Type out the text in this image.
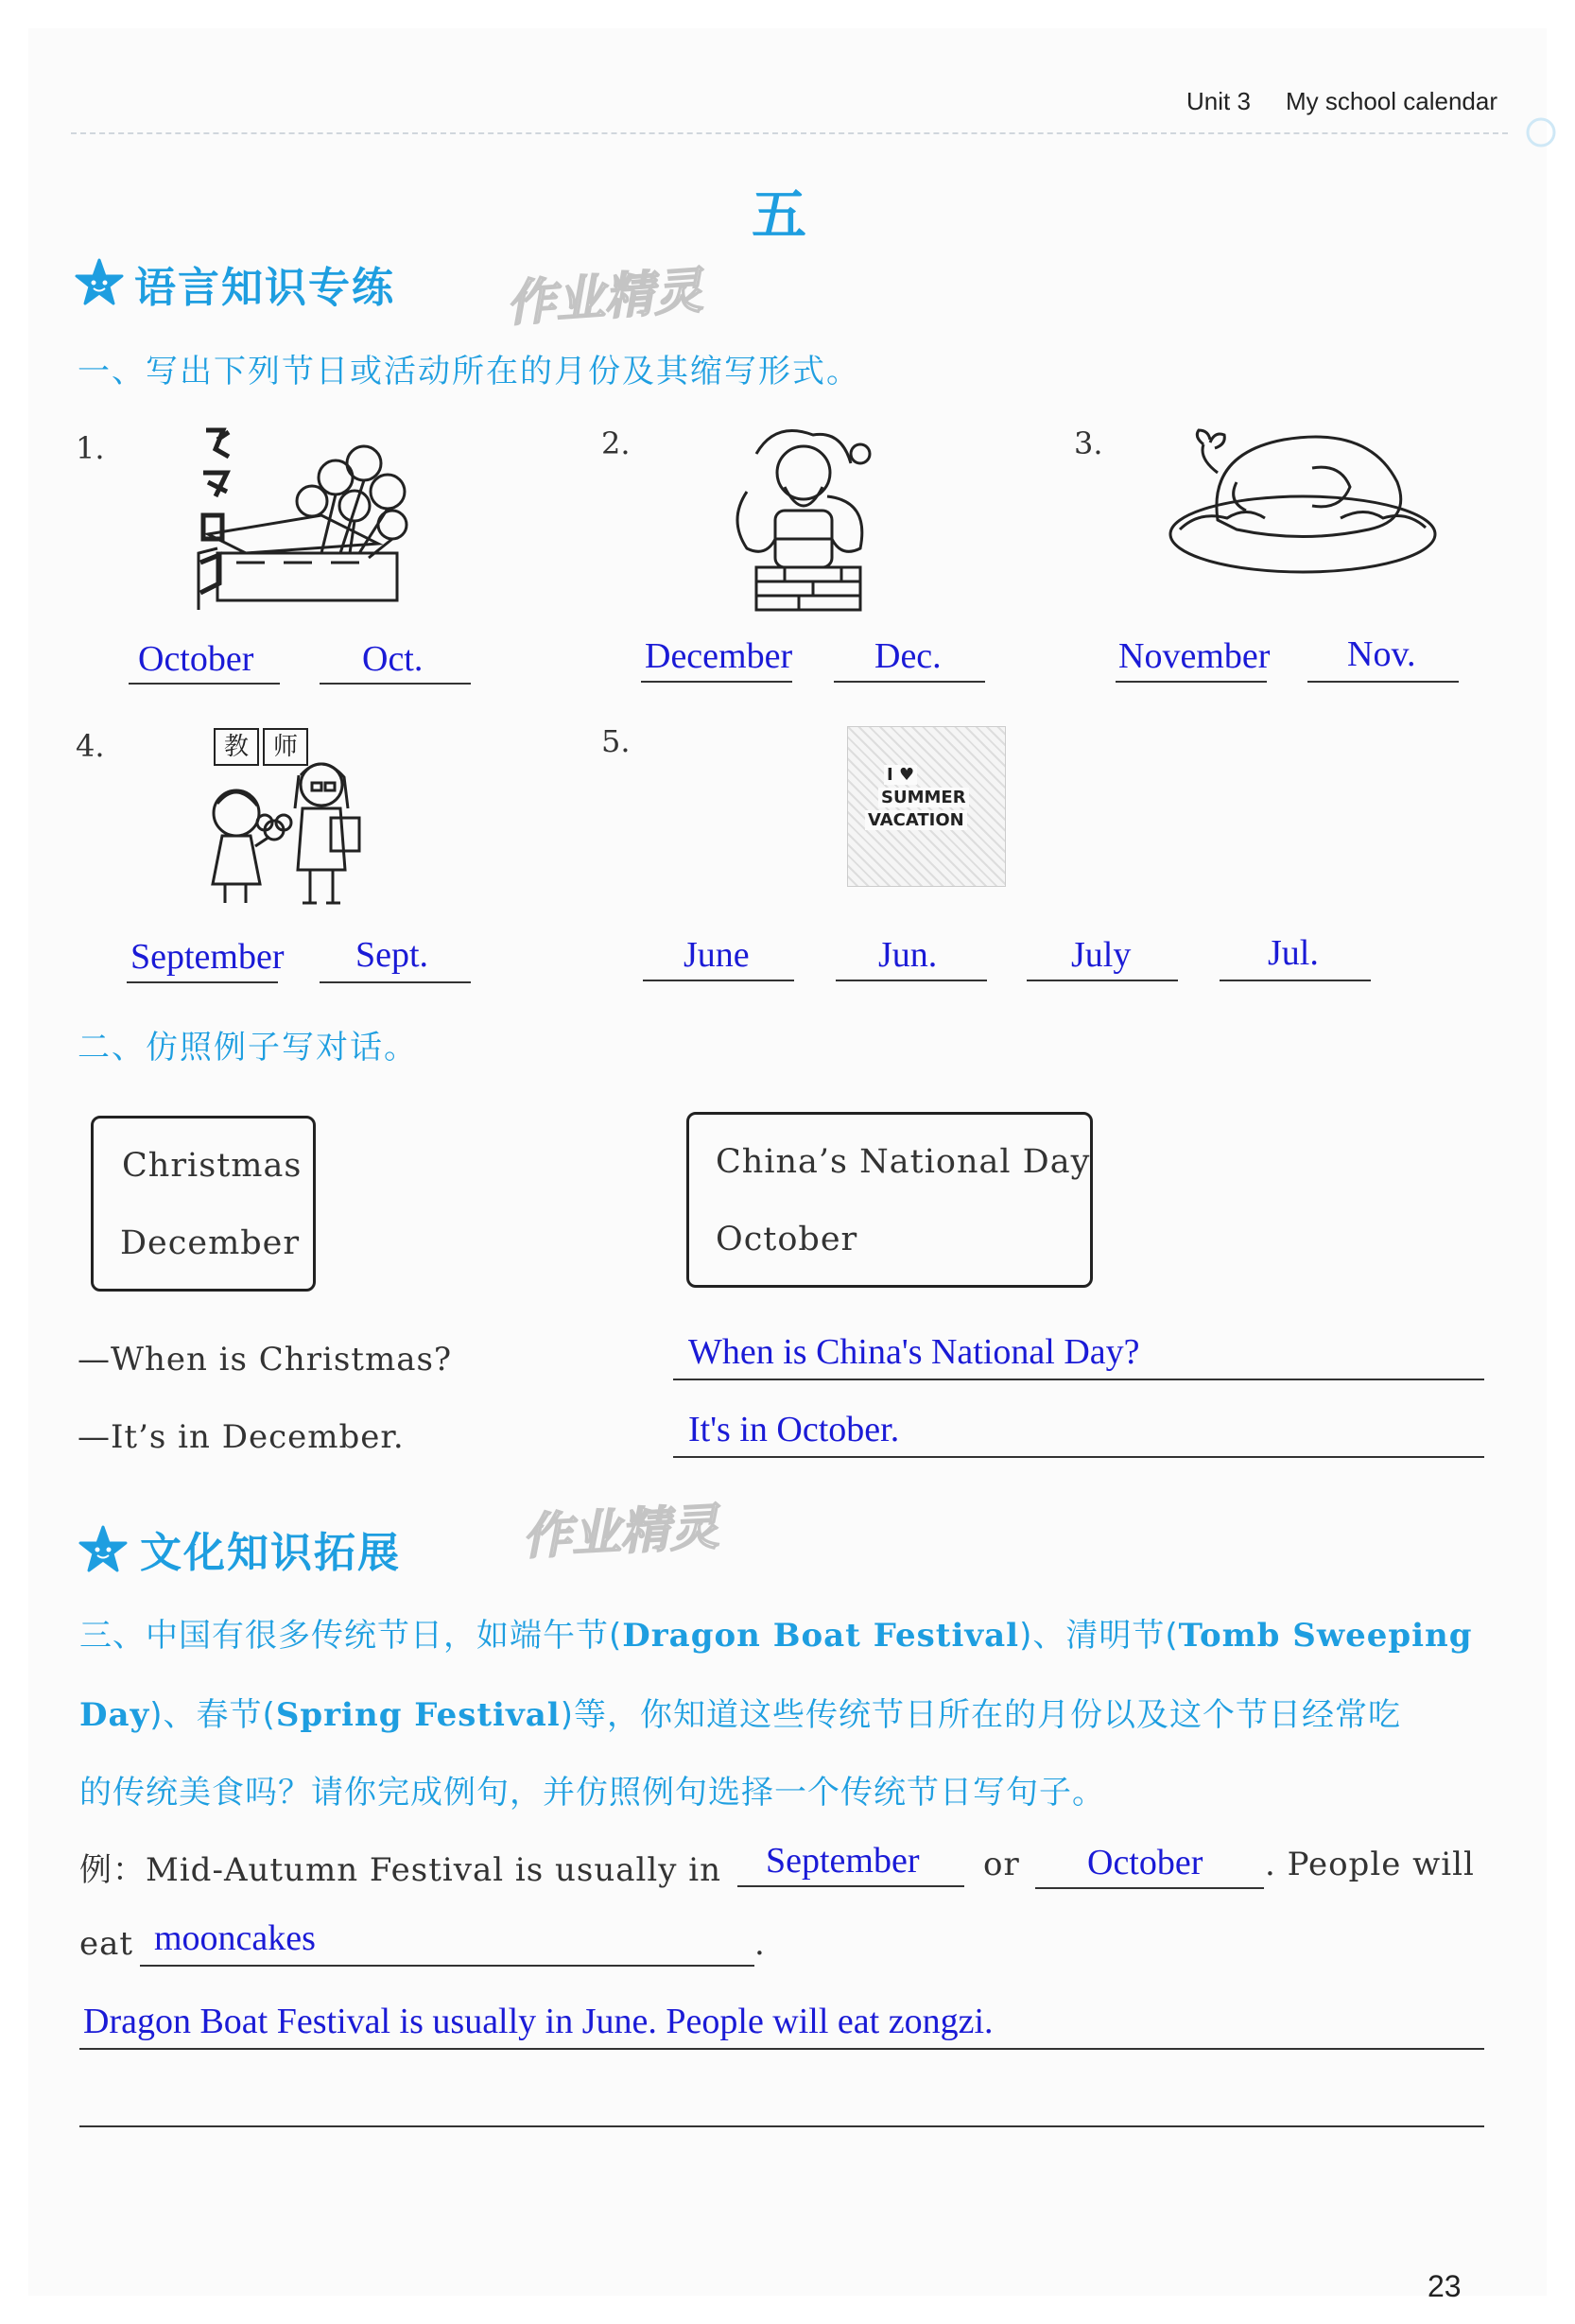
Unit 3 My school calendar
五
语言知识专练 作业精灵
一、写出下列节日或活动所在的月份及其缩写形式。
1.
October	Oct.
2.
December Dec.
3.
November Nov.
4.	教 师
September Sept.
5.
I ♥
SUMMER
VACATION
June	Jun.	July	Jul.
二、仿照例子写对话。
Christmas
December
China’s National Day
October
—When is Christmas?
—It’s in December.
When is China's National Day?
It's in October.
文化知识拓展 作业精灵
三、中国有很多传统节日，如端午节(Dragon Boat Festival)、清明节(Tomb Sweeping
Day)、春节(Spring Festival)等，你知道这些传统节日所在的月份以及这个节日经常吃
的传统美食吗？请你完成例句，并仿照例句选择一个传统节日写句子。
例：Mid-Autumn Festival is usually in September or October . People will
eat mooncakes	.
Dragon Boat Festival is usually in June. People will eat zongzi.
23
